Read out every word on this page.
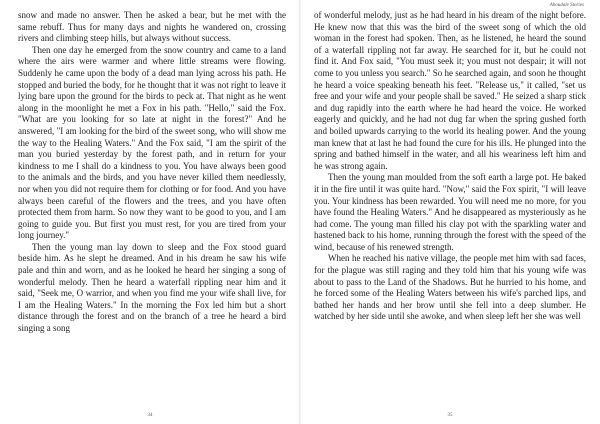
snow and made no answer. Then he asked a bear, but he met with the same rebuff. Thus for many days and nights he wandered on, crossing rivers and climbing steep hills, but always without success.

Then one day he emerged from the snow country and came to a land where the airs were warmer and where little streams were flowing. Suddenly he came upon the body of a dead man lying across his path. He stopped and buried the body, for he thought that it was not right to leave it lying bare upon the ground for the birds to peck at. That night as he went along in the moonlight he met a Fox in his path. "Hello," said the Fox. "What are you looking for so late at night in the forest?" And he answered, "I am looking for the bird of the sweet song, who will show me the way to the Healing Waters." And the Fox said, "I am the spirit of the man you buried yesterday by the forest path, and in return for your kindness to me I shall do a kindness to you. You have always been good to the animals and the birds, and you have never killed them needlessly, nor when you did not require them for clothing or for food. And you have always been careful of the flowers and the trees, and you have often protected them from harm. So now they want to be good to you, and I am going to guide you. But first you must rest, for you are tired from your long journey."

Then the young man lay down to sleep and the Fox stood guard beside him. As he slept he dreamed. And in his dream he saw his wife pale and thin and worn, and as he looked he heard her singing a song of wonderful melody. Then he heard a waterfall rippling near him and it said, "Seek me, O warrior, and when you find me your wife shall live, for I am the Healing Waters." In the morning the Fox led him but a short distance through the forest and on the branch of a tree he heard a bird singing a song

34
Aboudale Stories

of wonderful melody, just as he had heard in his dream of the night before. He knew now that this was the bird of the sweet song of which the old woman in the forest had spoken. Then, as he listened, he heard the sound of a waterfall rippling not far away. He searched for it, but he could not find it. And Fox said, "You must seek it; you must not despair; it will not come to you unless you search." So he searched again, and soon he thought he heard a voice speaking beneath his feet. "Release us," it called, "set us free and your wife and your people shall be saved." He seized a sharp stick and dug rapidly into the earth where he had heard the voice. He worked eagerly and quickly, and he had not dug far when the spring gushed forth and boiled upwards carrying to the world its healing power. And the young man knew that at last he had found the cure for his ills. He plunged into the spring and bathed himself in the water, and all his weariness left him and he was strong again.

Then the young man moulded from the soft earth a large pot. He baked it in the fire until it was quite hard. "Now," said the Fox spirit, "I will leave you. Your kindness has been rewarded. You will need me no more, for you have found the Healing Waters." And he disappeared as mysteriously as he had come. The young man filled his clay pot with the sparkling water and hastened back to his home, running through the forest with the speed of the wind, because of his renewed strength.

When he reached his native village, the people met him with sad faces, for the plague was still raging and they told him that his young wife was about to pass to the Land of the Shadows. But he hurried to his home, and he forced some of the Healing Waters between his wife's parched lips, and bathed her hands and her brow until she fell into a deep slumber. He watched by her side until she awoke, and when sleep left her she was well

35
